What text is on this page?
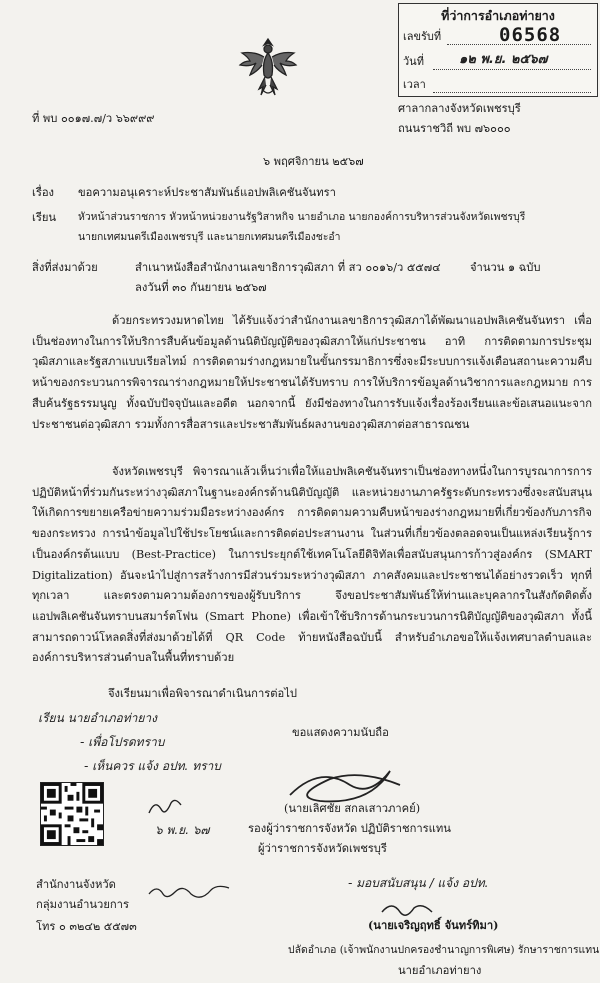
ที่ว่าการอำเภอท่ายาง
เลขรับที่	06568
วันที่	๑๒ พ.ย. ๒๕๖๗
เวลา
ที่ พบ ๐๐๑๗.๗/ว ๖๖๙๙๙
ศาลากลางจังหวัดเพชรบุรี
ถนนราชวิถี พบ ๗๖๐๐๐
๖ พฤศจิกายน ๒๕๖๗
เรื่อง ขอความอนุเคราะห์ประชาสัมพันธ์แอปพลิเคชันจันทรา
เรียน หัวหน้าส่วนราชการ หัวหน้าหน่วยงานรัฐวิสาหกิจ นายอำเภอ นายกองค์การบริหารส่วนจังหวัดเพชรบุรี
นายกเทศมนตรีเมืองเพชรบุรี และนายกเทศมนตรีเมืองชะอำ
สิ่งที่ส่งมาด้วย	สำเนาหนังสือสำนักงานเลขาธิการวุฒิสภา ที่ สว ๐๐๑๖/ว ๕๕๗๔	จำนวน ๑ ฉบับ
ลงวันที่ ๓๐ กันยายน ๒๕๖๗
ด้วยกระทรวงมหาดไทย ได้รับแจ้งว่าสำนักงานเลขาธิการวุฒิสภาได้พัฒนาแอปพลิเคชันจันทรา เพื่อเป็นช่องทางในการให้บริการสืบค้นข้อมูลด้านนิติบัญญัติของวุฒิสภาให้แก่ประชาชน อาทิ การติดตามการประชุมวุฒิสภาและรัฐสภาแบบเรียลไทม์ การติดตามร่างกฎหมายในขั้นกรรมาธิการซึ่งจะมีระบบการแจ้งเตือนสถานะความคืบหน้าของกระบวนการพิจารณาร่างกฎหมายให้ประชาชนได้รับทราบ การให้บริการข้อมูลด้านวิชาการและกฎหมาย การสืบค้นรัฐธรรมนูญ ทั้งฉบับปัจจุบันและอดีต นอกจากนี้ ยังมีช่องทางในการรับแจ้งเรื่องร้องเรียนและข้อเสนอแนะจากประชาชนต่อวุฒิสภา รวมทั้งการสื่อสารและประชาสัมพันธ์ผลงานของวุฒิสภาต่อสาธารณชน
จังหวัดเพชรบุรี พิจารณาแล้วเห็นว่าเพื่อให้แอปพลิเคชันจันทราเป็นช่องทางหนึ่งในการบูรณาการการปฏิบัติหน้าที่ร่วมกันระหว่างวุฒิสภาในฐานะองค์กรด้านนิติบัญญัติ และหน่วยงานภาครัฐระดับกระทรวงซึ่งจะสนับสนุนให้เกิดการขยายเครือข่ายความร่วมมือระหว่างองค์กร การติดตามความคืบหน้าของร่างกฎหมายที่เกี่ยวข้องกับภารกิจของกระทรวง การนำข้อมูลไปใช้ประโยชน์และการติดต่อประสานงาน ในส่วนที่เกี่ยวข้องตลอดจนเป็นแหล่งเรียนรู้การเป็นองค์กรต้นแบบ (Best-Practice) ในการประยุกต์ใช้เทคโนโลยีดิจิทัลเพื่อสนับสนุนการก้าวสู่องค์กร (SMART Digitalization) อันจะนำไปสู่การสร้างการมีส่วนร่วมระหว่างวุฒิสภา ภาคสังคมและประชาชนได้อย่างรวดเร็ว ทุกที่ ทุกเวลา และตรงตามความต้องการของผู้รับบริการ จึงขอประชาสัมพันธ์ให้ท่านและบุคลากรในสังกัดติดตั้งแอปพลิเคชันจันทราบนสมาร์ตโฟน (Smart Phone) เพื่อเข้าใช้บริการด้านกระบวนการนิติบัญญัติของวุฒิสภา ทั้งนี้ สามารถดาวน์โหลดสิ่งที่ส่งมาด้วยได้ที่ QR Code ท้ายหนังสือฉบับนี้ สำหรับอำเภอขอให้แจ้งเทศบาลตำบลและองค์การบริหารส่วนตำบลในพื้นที่ทราบด้วย
จึงเรียนมาเพื่อพิจารณาดำเนินการต่อไป
เรียน นายอำเภอท่ายาง
- เพื่อโปรดทราบ
- เห็นควร แจ้ง อปท. ทราบ
๖ พ.ย. ๖๗
ขอแสดงความนับถือ
(นายเลิศชัย สกลเสาวภาคย์)
รองผู้ว่าราชการจังหวัด ปฏิบัติราชการแทน
ผู้ว่าราชการจังหวัดเพชรบุรี
สำนักงานจังหวัด
กลุ่มงานอำนวยการ
โทร ๐ ๓๒๔๒ ๕๕๗๓
- มอบสนับสนุน / แจ้ง อปท.
(นายเจริญฤทธิ์ จันทร์ทิมา)
ปลัดอำเภอ (เจ้าพนักงานปกครองชำนาญการพิเศษ) รักษาราชการแทน
นายอำเภอท่ายาง
